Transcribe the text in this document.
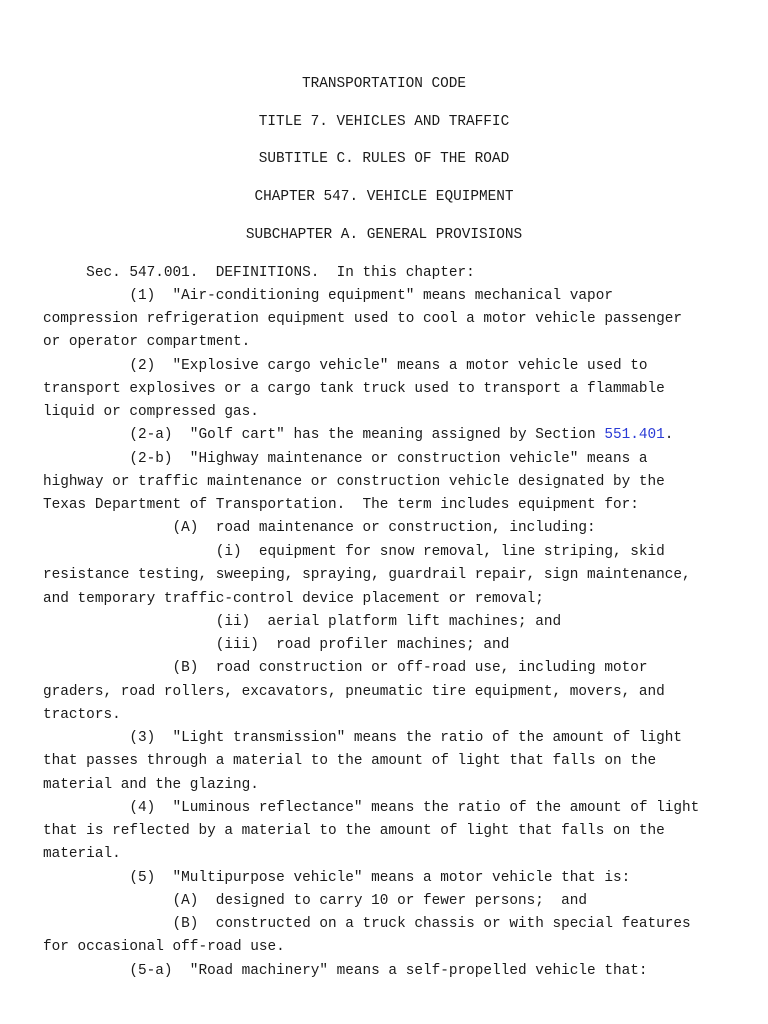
TRANSPORTATION CODE
TITLE 7. VEHICLES AND TRAFFIC
SUBTITLE C. RULES OF THE ROAD
CHAPTER 547. VEHICLE EQUIPMENT
SUBCHAPTER A. GENERAL PROVISIONS
Sec. 547.001.  DEFINITIONS.  In this chapter:
(1)  "Air-conditioning equipment" means mechanical vapor
compression refrigeration equipment used to cool a motor vehicle passenger
or operator compartment.
(2)  "Explosive cargo vehicle" means a motor vehicle used to
transport explosives or a cargo tank truck used to transport a flammable
liquid or compressed gas.
(2-a)  "Golf cart" has the meaning assigned by Section 551.401.
(2-b)  "Highway maintenance or construction vehicle" means a
highway or traffic maintenance or construction vehicle designated by the
Texas Department of Transportation.  The term includes equipment for:
(A)  road maintenance or construction, including:
(i)  equipment for snow removal, line striping, skid
resistance testing, sweeping, spraying, guardrail repair, sign maintenance,
and temporary traffic-control device placement or removal;
(ii)  aerial platform lift machines; and
(iii)  road profiler machines; and
(B)  road construction or off-road use, including motor
graders, road rollers, excavators, pneumatic tire equipment, movers, and
tractors.
(3)  "Light transmission" means the ratio of the amount of light
that passes through a material to the amount of light that falls on the
material and the glazing.
(4)  "Luminous reflectance" means the ratio of the amount of light
that is reflected by a material to the amount of light that falls on the
material.
(5)  "Multipurpose vehicle" means a motor vehicle that is:
(A)  designed to carry 10 or fewer persons;  and
(B)  constructed on a truck chassis or with special features
for occasional off-road use.
(5-a)  "Road machinery" means a self-propelled vehicle that:
